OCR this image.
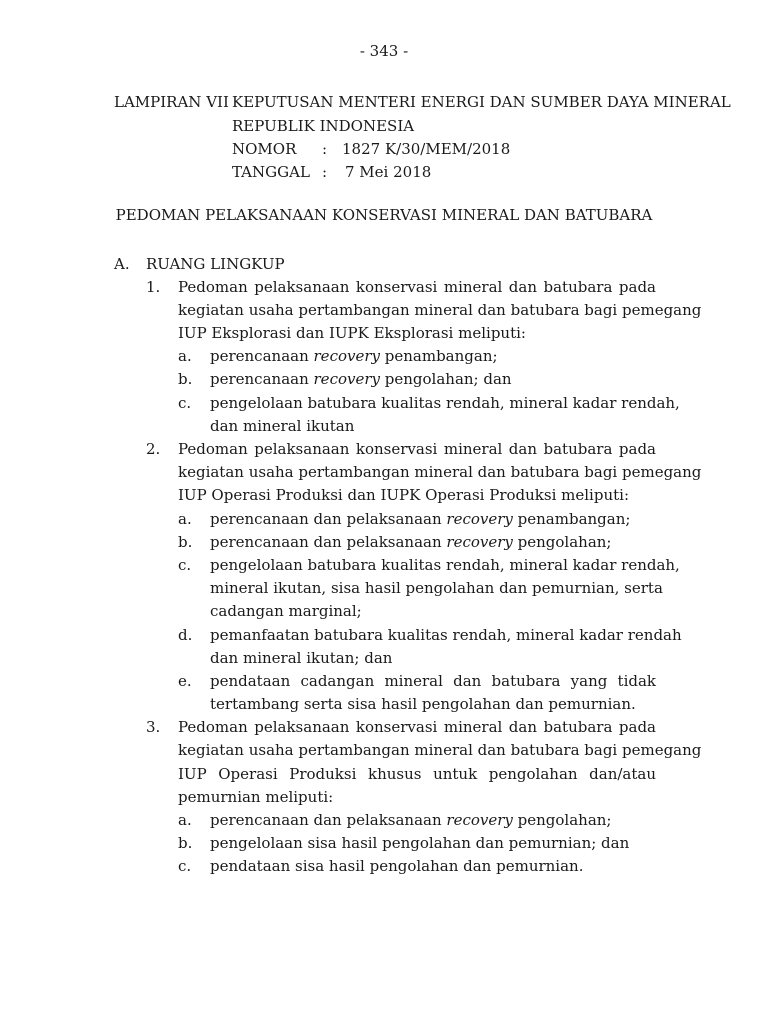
- 343 -
LAMPIRAN VII KEPUTUSAN MENTERI ENERGI DAN SUMBER DAYA MINERAL
REPUBLIK INDONESIA
NOMOR : 1827 K/30/MEM/2018
TANGGAL : 7 Mei 2018
PEDOMAN PELAKSANAAN KONSERVASI MINERAL DAN BATUBARA
A. RUANG LINGKUP
1. Pedoman pelaksanaan konservasi mineral dan batubara pada
kegiatan usaha pertambangan mineral dan batubara bagi pemegang
IUP Eksplorasi dan IUPK Eksplorasi meliputi:
a. perencanaan recovery penambangan;
b. perencanaan recovery pengolahan; dan
c. pengelolaan batubara kualitas rendah, mineral kadar rendah,
dan mineral ikutan
2. Pedoman pelaksanaan konservasi mineral dan batubara pada
kegiatan usaha pertambangan mineral dan batubara bagi pemegang
IUP Operasi Produksi dan IUPK Operasi Produksi meliputi:
a. perencanaan dan pelaksanaan recovery penambangan;
b. perencanaan dan pelaksanaan recovery pengolahan;
c. pengelolaan batubara kualitas rendah, mineral kadar rendah,
mineral ikutan, sisa hasil pengolahan dan pemurnian, serta
cadangan marginal;
d. pemanfaatan batubara kualitas rendah, mineral kadar rendah
dan mineral ikutan; dan
e. pendataan cadangan mineral dan batubara yang tidak
tertambang serta sisa hasil pengolahan dan pemurnian.
3. Pedoman pelaksanaan konservasi mineral dan batubara pada
kegiatan usaha pertambangan mineral dan batubara bagi pemegang
IUP Operasi Produksi khusus untuk pengolahan dan/atau
pemurnian meliputi:
a. perencanaan dan pelaksanaan recovery pengolahan;
b. pengelolaan sisa hasil pengolahan dan pemurnian; dan
c. pendataan sisa hasil pengolahan dan pemurnian.
